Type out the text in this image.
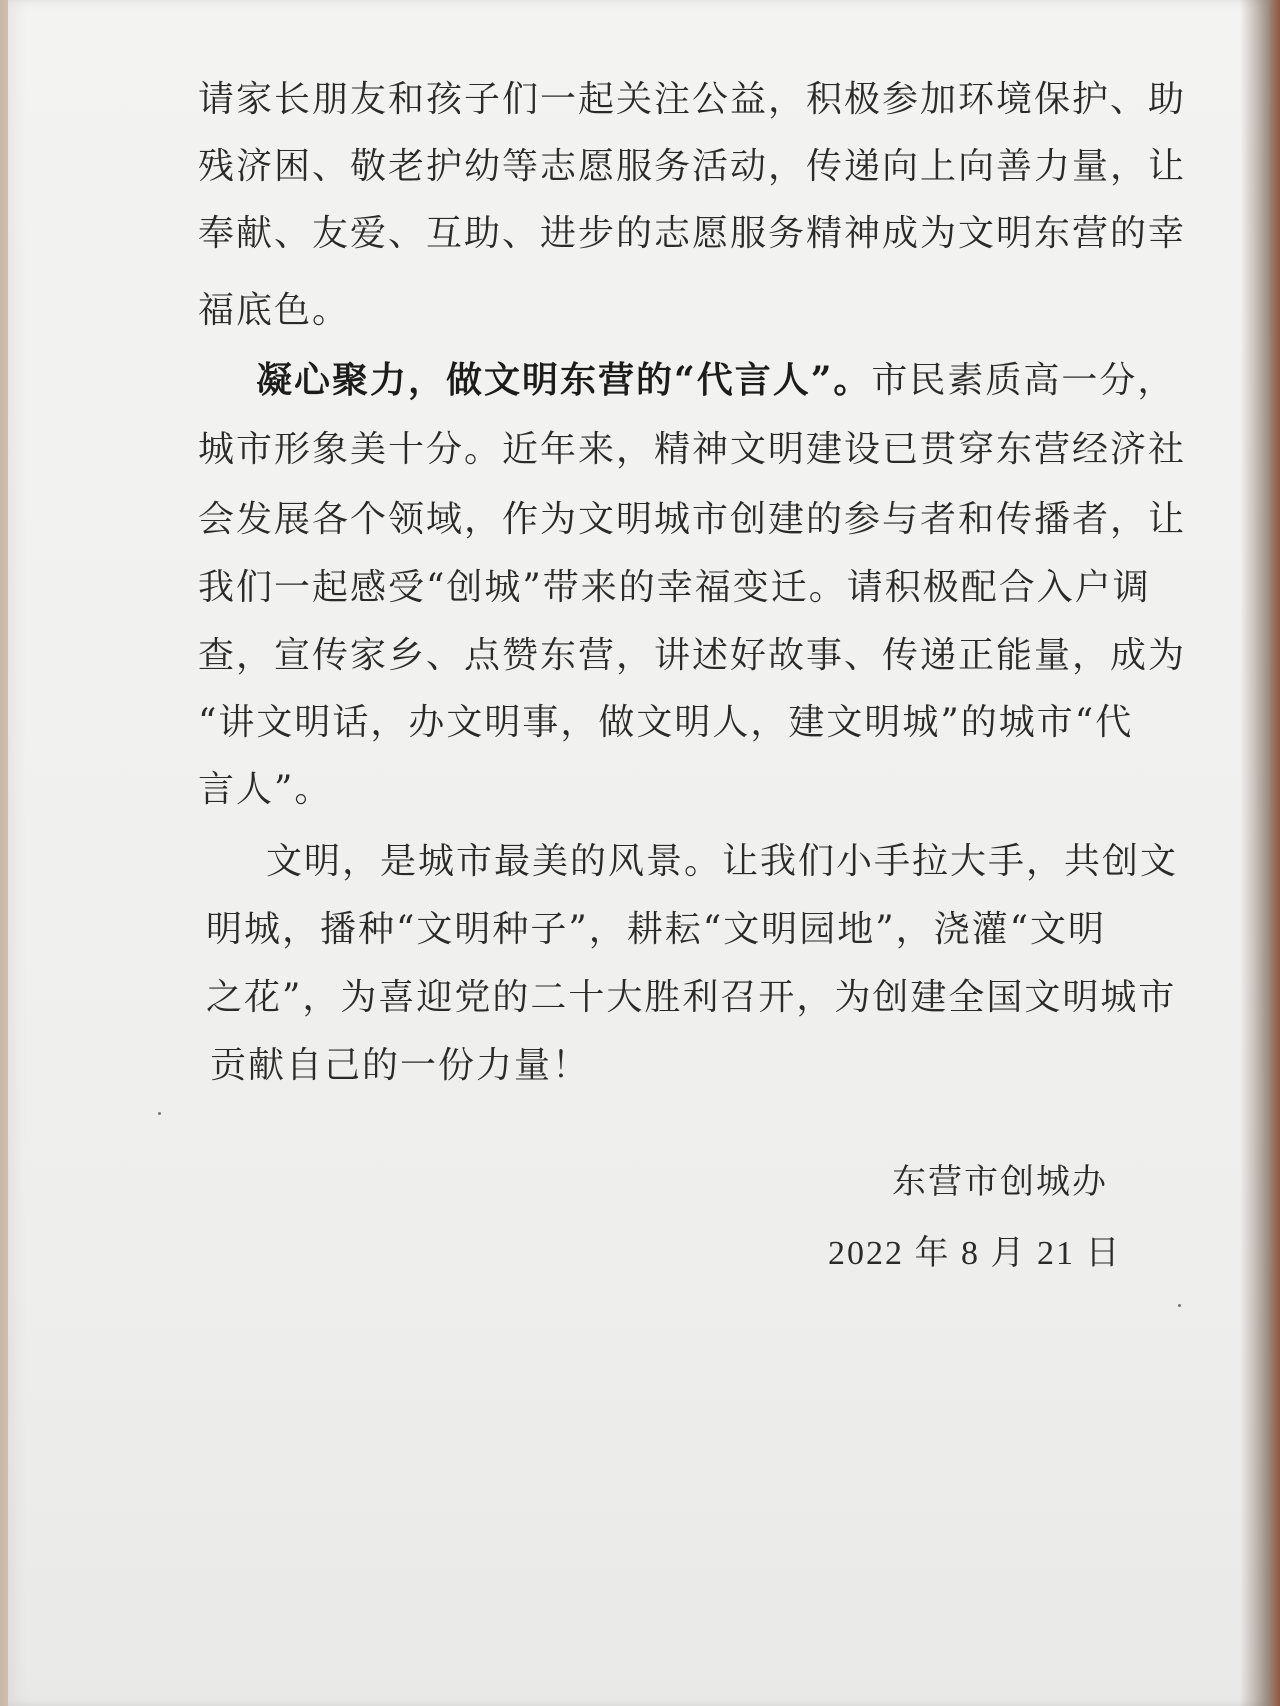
请家长朋友和孩子们一起关注公益，积极参加环境保护、助
残济困、敬老护幼等志愿服务活动，传递向上向善力量，让
奉献、友爱、互助、进步的志愿服务精神成为文明东营的幸
福底色。
凝心聚力，做文明东营的“代言人”。市民素质高一分，
城市形象美十分。近年来，精神文明建设已贯穿东营经济社
会发展各个领域，作为文明城市创建的参与者和传播者，让
我们一起感受“创城”带来的幸福变迁。请积极配合入户调
查，宣传家乡、点赞东营，讲述好故事、传递正能量，成为
“讲文明话，办文明事，做文明人，建文明城”的城市“代
言人”。
文明，是城市最美的风景。让我们小手拉大手，共创文
明城，播种“文明种子”，耕耘“文明园地”，浇灌“文明
之花”，为喜迎党的二十大胜利召开，为创建全国文明城市
贡献自己的一份力量！
东营市创城办
2022 年 8 月 21 日
